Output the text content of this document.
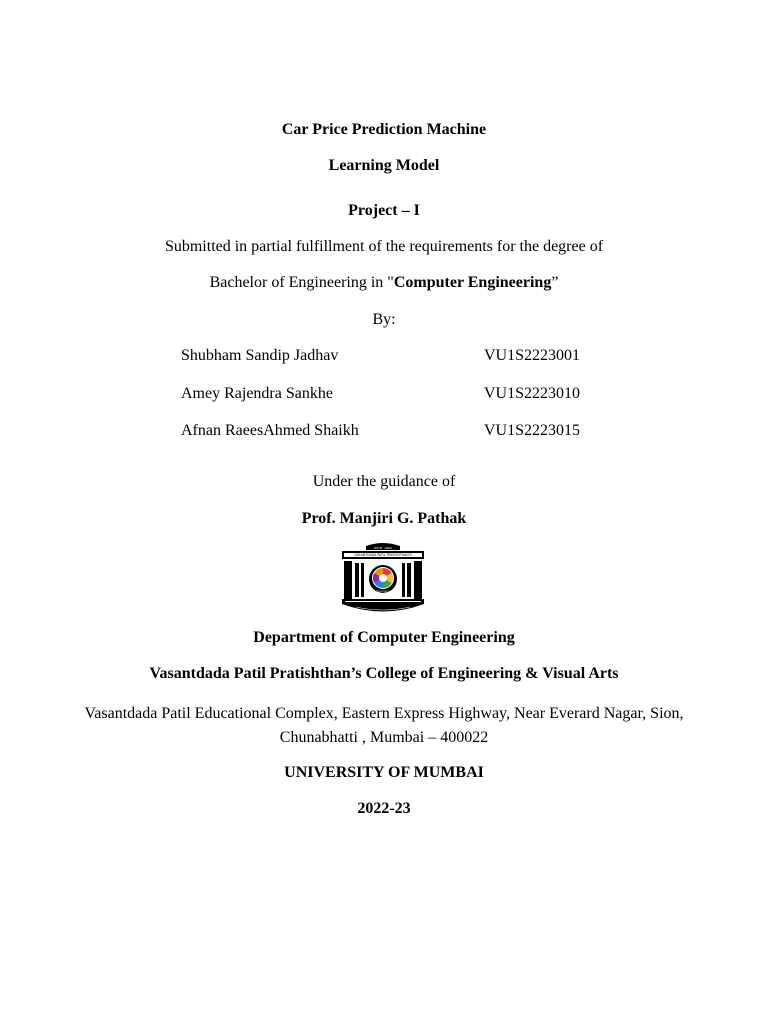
Car Price Prediction Machine
Learning Model
Project – I
Submitted in partial fulfillment of the requirements for the degree of
Bachelor of Engineering in "Computer Engineering”
By:
Shubham Sandip Jadhav	VU1S2223001
Amey Rajendra Sankhe	VU1S2223010
Afnan RaeesAhmed Shaikh	VU1S2223015
Under the guidance of
Prof. Manjiri G. Pathak
ESTD. 1990
VASANTDADA PATIL PRATISHTHAN'S
CREATIVITY
Department of Computer Engineering
Vasantdada Patil Pratishthan’s College of Engineering & Visual Arts
Vasantdada Patil Educational Complex, Eastern Express Highway, Near Everard Nagar, Sion, Chunabhatti , Mumbai – 400022
UNIVERSITY OF MUMBAI
2022-23
